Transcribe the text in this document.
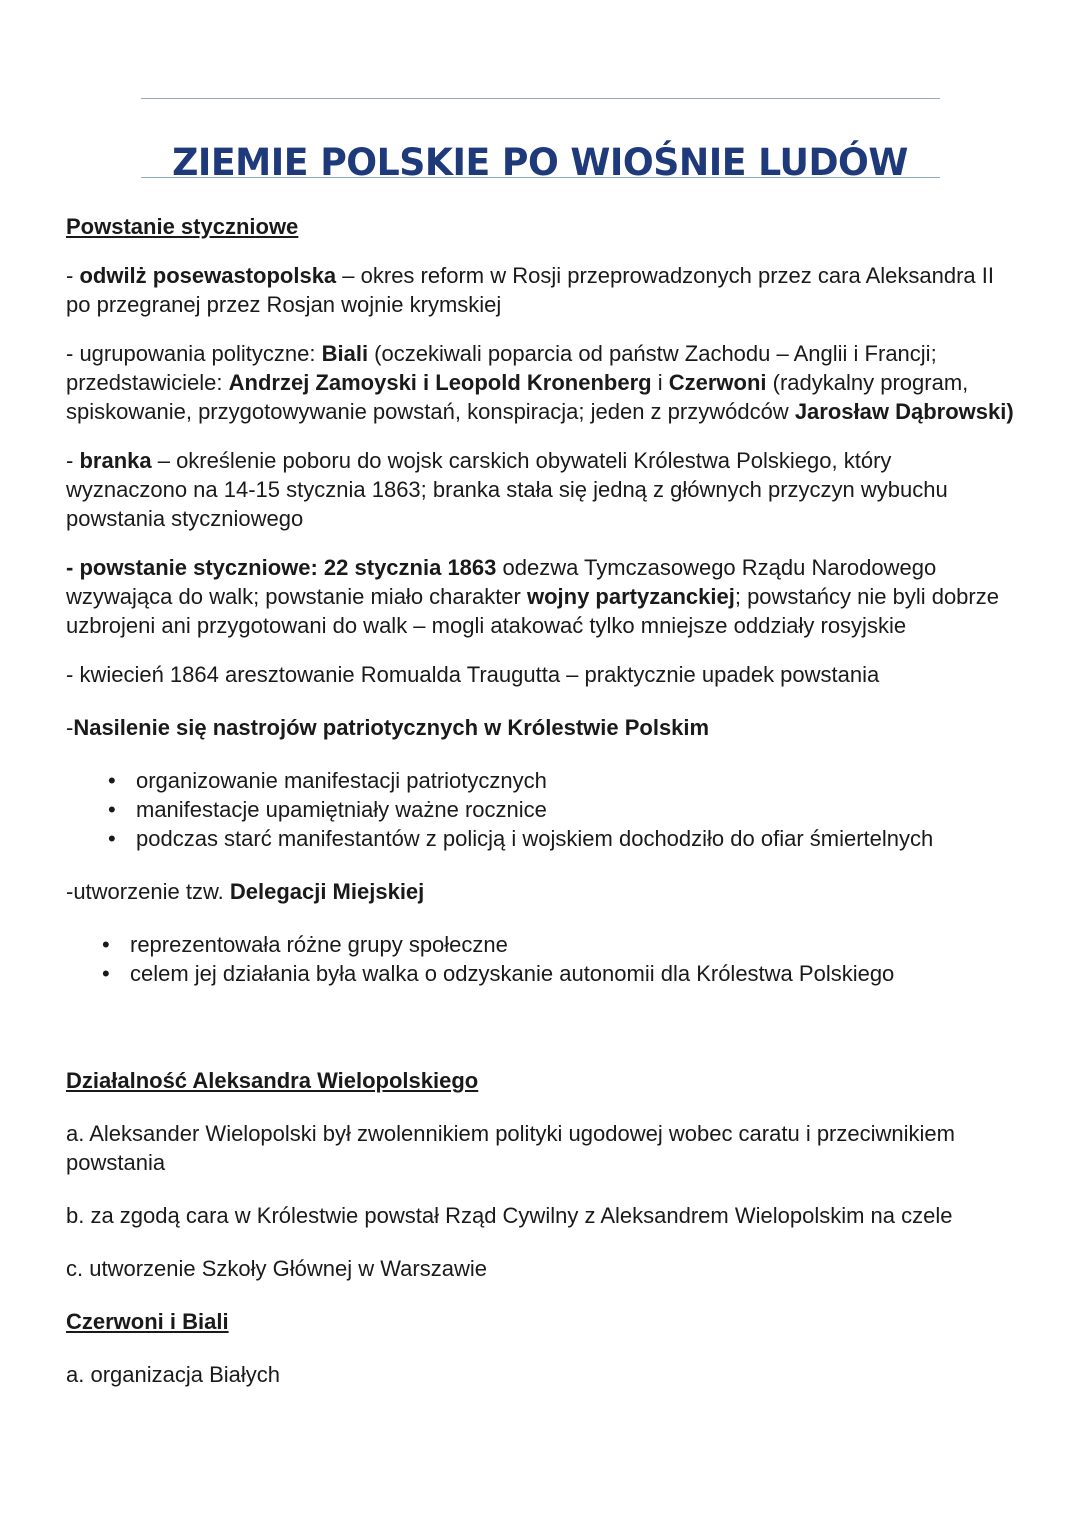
ZIEMIE POLSKIE PO WIOŚNIE LUDÓW

Powstanie styczniowe

- odwilż posewastopolska – okres reform w Rosji przeprowadzonych przez cara Aleksandra II po przegranej przez Rosjan wojnie krymskiej

- ugrupowania polityczne: Biali (oczekiwali poparcia od państw Zachodu – Anglii i Francji; przedstawiciele: Andrzej Zamoyski i Leopold Kronenberg i Czerwoni (radykalny program, spiskowanie, przygotowywanie powstań, konspiracja; jeden z przywódców Jarosław Dąbrowski)

- branka – określenie poboru do wojsk carskich obywateli Królestwa Polskiego, który wyznaczono na 14-15 stycznia 1863; branka stała się jedną z głównych przyczyn wybuchu powstania styczniowego

- powstanie styczniowe: 22 stycznia 1863 odezwa Tymczasowego Rządu Narodowego wzywająca do walk; powstanie miało charakter wojny partyzanckiej; powstańcy nie byli dobrze uzbrojeni ani przygotowani do walk – mogli atakować tylko mniejsze oddziały rosyjskie

- kwiecień 1864 aresztowanie Romualda Traugutta – praktycznie upadek powstania

-Nasilenie się nastrojów patriotycznych w Królestwie Polskim

• organizowanie manifestacji patriotycznych
• manifestacje upamiętniały ważne rocznice
• podczas starć manifestantów z policją i wojskiem dochodziło do ofiar śmiertelnych

-utworzenie tzw. Delegacji Miejskiej

• reprezentowała różne grupy społeczne
• celem jej działania była walka o odzyskanie autonomii dla Królestwa Polskiego

Działalność Aleksandra Wielopolskiego

a. Aleksander Wielopolski był zwolennikiem polityki ugodowej wobec caratu i przeciwnikiem powstania

b. za zgodą cara w Królestwie powstał Rząd Cywilny z Aleksandrem Wielopolskim na czele

c. utworzenie Szkoły Głównej w Warszawie

Czerwoni i Biali

a. organizacja Białych
